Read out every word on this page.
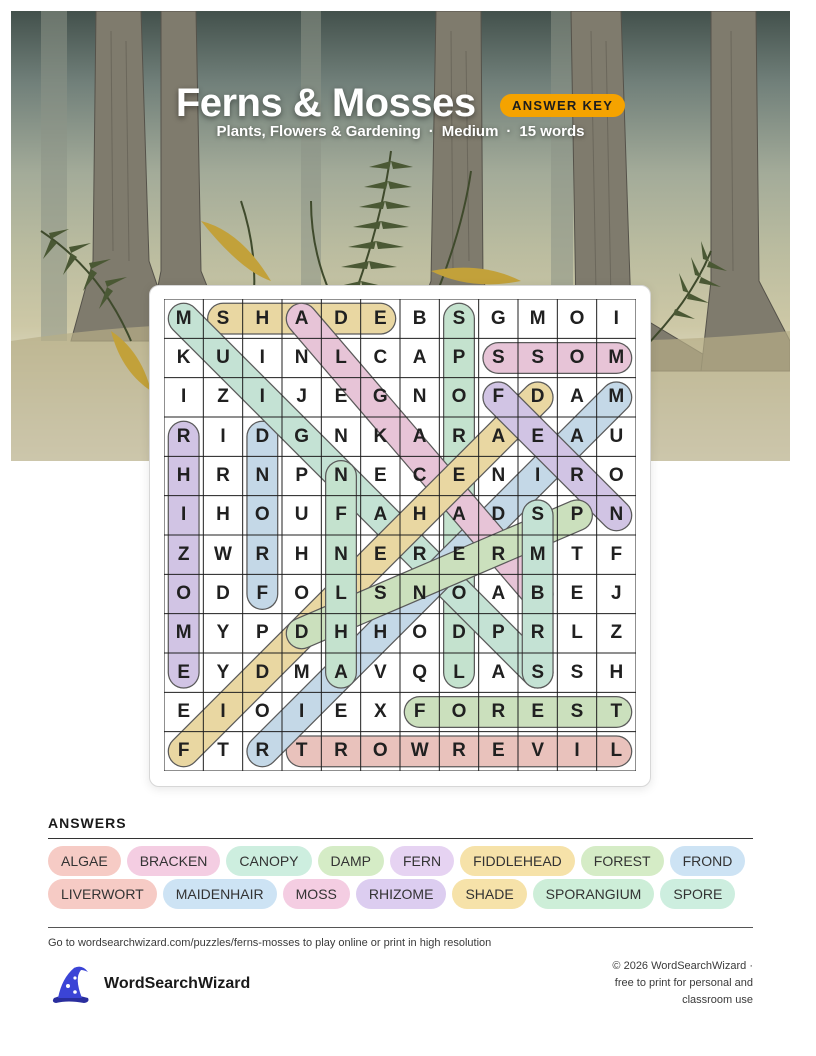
Ferns & Mosses	ANSWER KEY
Plants, Flowers & Gardening · Medium · 15 words
M	S	H	A	D	E	B	S	G	M	O	I
K	U	I	N	L	C	A	P	S	S	O	M
I	Z	I	J	E	G	N	O	F	D	A	M
R	I	D	G	N	K	A	R	A	E	A	U
H	R	N	P	N	E	C	E	N	I	R	O
I	H	O	U	F	A	H	A	D	S	P	N
Z	W	R	H	N	E	R	E	R	M	T	F
O	D	F	O	L	S	N	O	A	B	E	J
M	Y	P	D	H	H	O	D	P	R	L	Z
E	Y	D	M	A	V	Q	L	A	S	S	H
E	I	O	I	E	X	F	O	R	E	S	T
F	T	R	T	R	O	W	R	E	V	I	L
ANSWERS
ALGAE BRACKEN CANOPY DAMP FERN FIDDLEHEAD FOREST FRONDLIVERWORT MAIDENHAIR MOSS RHIZOME SHADE SPORANGIUM SPORE
Go to wordsearchwizard.com/puzzles/ferns-mosses to play online or print in high resolution
WordSearchWizard
© 2026 WordSearchWizard ·
free to print for personal and
classroom use
